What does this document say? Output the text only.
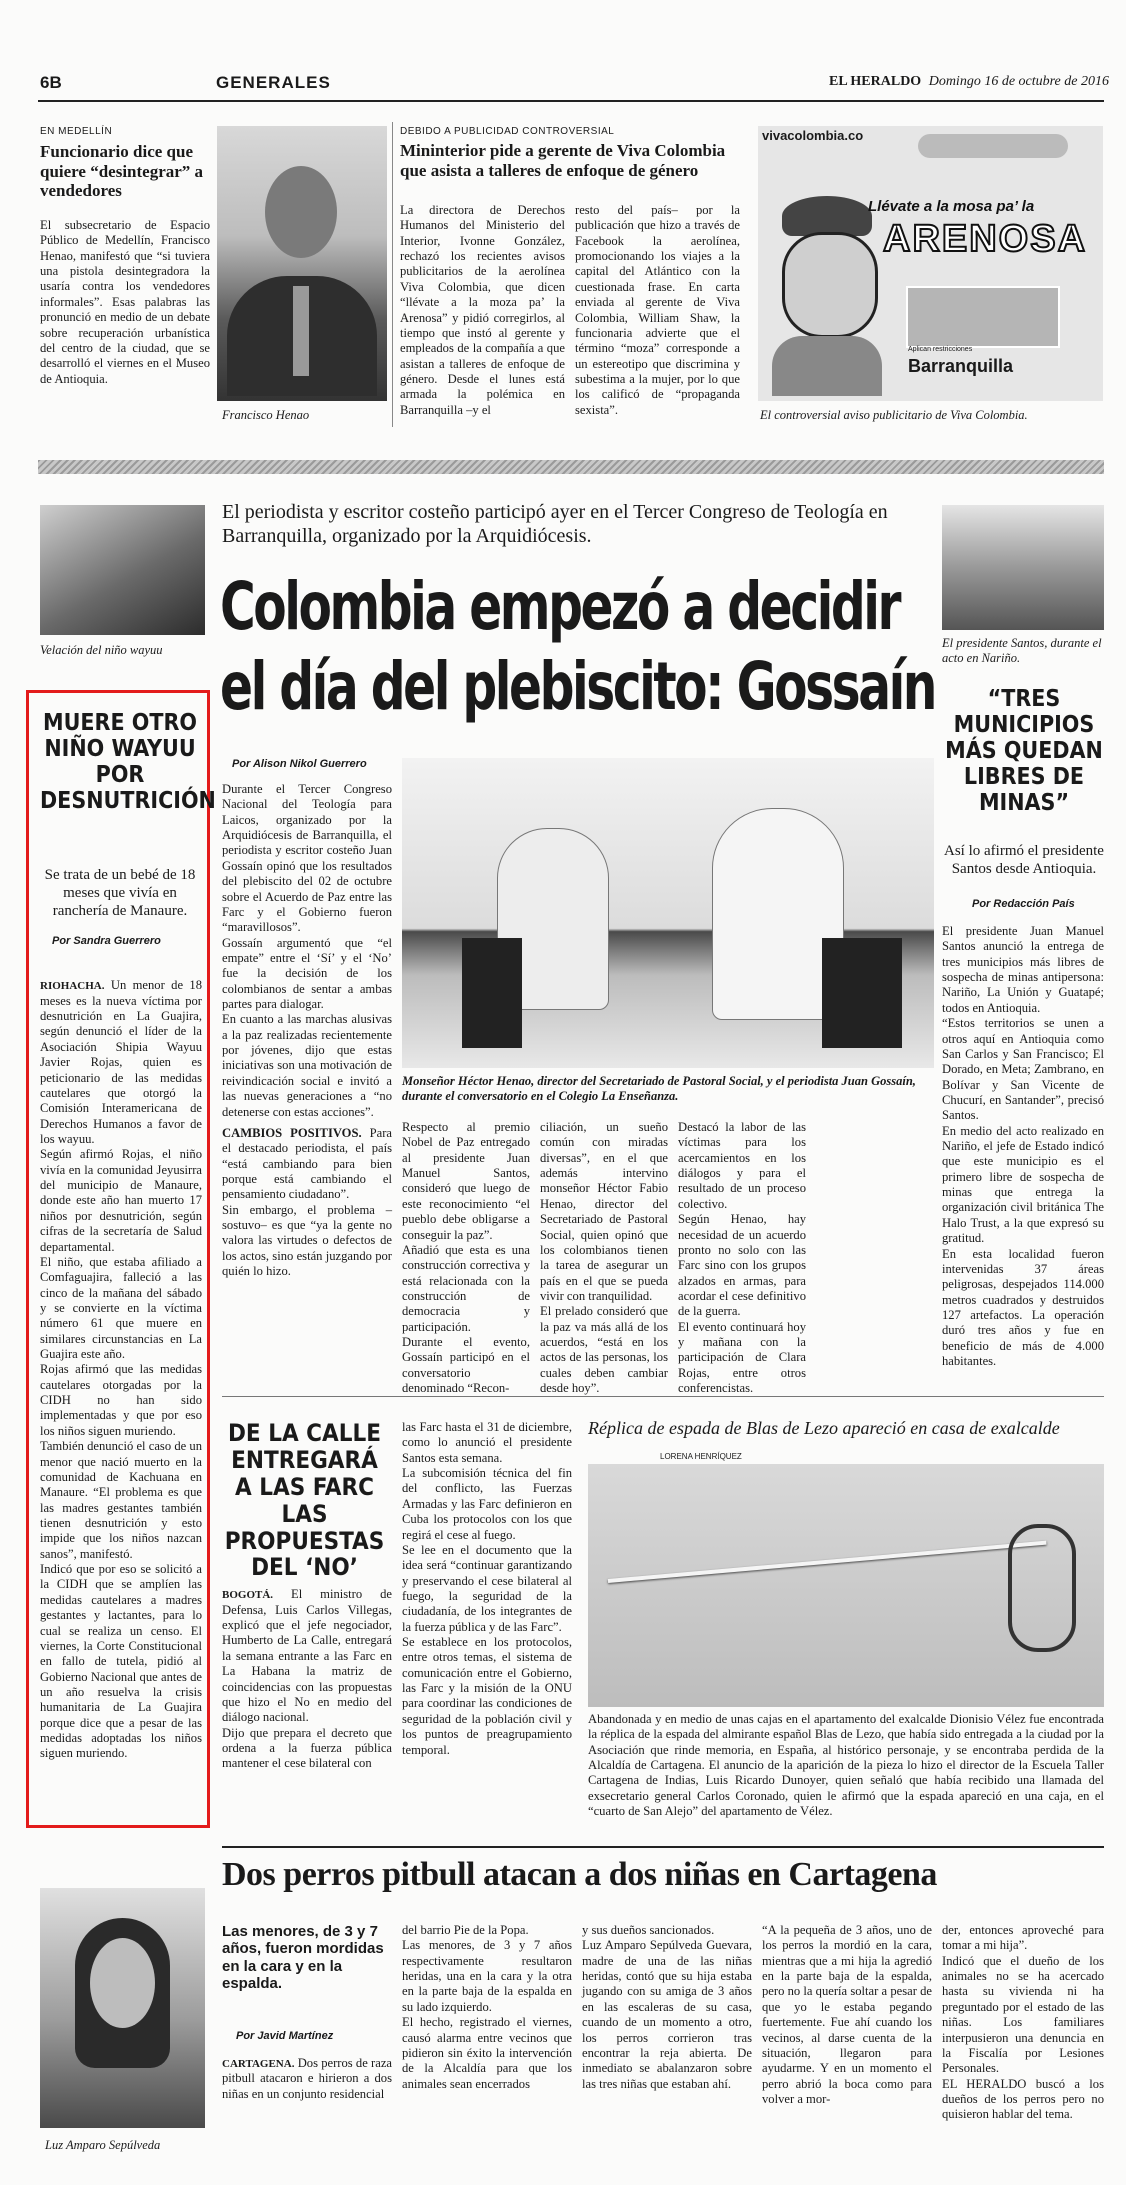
6B	GENERALES	EL HERALDO Domingo 16 de octubre de 2016
EN MEDELLÍN
Funcionario dice que quiere “desintegrar” a vendedores
El subsecretario de Espacio Público de Medellín, Francisco Henao, manifestó que “si tuviera una pistola desintegradora la usaría contra los vendedores informales”. Esas palabras las pronunció en medio de un debate sobre recuperación urbanística del centro de la ciudad, que se desarrolló el viernes en el Museo de Antioquia.
Francisco Henao
DEBIDO A PUBLICIDAD CONTROVERSIAL
Mininterior pide a gerente de Viva Colombia que asista a talleres de enfoque de género
La directora de Derechos Humanos del Ministerio del Interior, Ivonne González, rechazó los recientes avisos publicitarios de la aerolínea Viva Colombia, que dicen “llévate a la moza pa’ la Arenosa” y pidió corregirlos, al tiempo que instó al gerente y empleados de la compañía a que asistan a talleres de enfoque de género. Desde el lunes está armada la polémica en Barranquilla –y el
resto del país– por la publicación que hizo a través de Facebook la aerolínea, promocionando los viajes a la capital del Atlántico con la cuestionada frase. En carta enviada al gerente de Viva Colombia, William Shaw, la funcionaria advierte que el término “moza” corresponde a un estereotipo que discrimina y subestima a la mujer, por lo que los calificó de “propaganda sexista”.
vivacolombia.co
Llévate a la mosa pa’ la
ARENOSA
Aplican restricciones
Barranquilla
El controversial aviso publicitario de Viva Colombia.
Velación del niño wayuu	El presidente Santos, durante el acto en Nariño.
El periodista y escritor costeño participó ayer en el Tercer Congreso de Teología en Barranquilla, organizado por la Arquidiócesis.
Colombia empezó a decidir
el día del plebiscito: Gossaín
Por Alison Nikol Guerrero
Durante el Tercer Congreso Nacional del Teología para Laicos, organizado por la Arquidiócesis de Barranquilla, el periodista y escritor costeño Juan Gossaín opinó que los resultados del plebiscito del 02 de octubre sobre el Acuerdo de Paz entre las Farc y el Gobierno fueron “maravillosos”.
Gossaín argumentó que “el empate” entre el ‘Sí’ y el ‘No’ fue la decisión de los colombianos de sentar a ambas partes para dialogar.
En cuanto a las marchas alusivas a la paz realizadas recientemente por jóvenes, dijo que estas iniciativas son una motivación de reivindicación social e invitó a las nuevas generaciones a “no detenerse con estas acciones”.
CAMBIOS POSITIVOS. Para el destacado periodista, el país “está cambiando para bien porque está cambiando el pensamiento ciudadano”.
Sin embargo, el problema –sostuvo– es que “ya la gente no valora las virtudes o defectos de los actos, sino están juzgando por quién lo hizo.
Monseñor Héctor Henao, director del Secretariado de Pastoral Social, y el periodista Juan Gossaín, durante el conversatorio en el Colegio La Enseñanza.
Respecto al premio Nobel de Paz entregado al presidente Juan Manuel Santos, consideró que luego de este reconocimiento “el pueblo debe obligarse a conseguir la paz”.
Añadió que esta es una construcción correctiva y está relacionada con la construcción de democracia y participación.
Durante el evento, Gossaín participó en el conversatorio denominado “Recon-
ciliación, un sueño común con miradas diversas”, en el que además intervino monseñor Héctor Fabio Henao, director del Secretariado de Pastoral Social, quien opinó que los colombianos tienen la tarea de asegurar un país en el que se pueda vivir con tranquilidad.
El prelado consideró que la paz va más allá de los acuerdos, “está en los actos de las personas, los cuales deben cambiar desde hoy”.
Destacó la labor de las víctimas para los acercamientos en los diálogos y para el resultado de un proceso colectivo.
Según Henao, hay necesidad de un acuerdo pronto no solo con las Farc sino con los grupos alzados en armas, para acordar el cese definitivo de la guerra.
El evento continuará hoy y mañana con la participación de Clara Rojas, entre otros conferencistas.
MUERE OTRO NIÑO WAYUU POR DESNUTRICIÓN
Se trata de un bebé de 18 meses que vivía en ranchería de Manaure.
Por Sandra Guerrero

RIOHACHA. Un menor de 18 meses es la nueva víctima por desnutrición en La Guajira, según denunció el líder de la Asociación Shipia Wayuu Javier Rojas, quien es peticionario de las medidas cautelares que otorgó la Comisión Interamericana de Derechos Humanos a favor de los wayuu.
Según afirmó Rojas, el niño vivía en la comunidad Jeyusirra del municipio de Manaure, donde este año han muerto 17 niños por desnutrición, según cifras de la secretaría de Salud departamental.
El niño, que estaba afiliado a Comfaguajira, falleció a las cinco de la mañana del sábado y se convierte en la víctima número 61 que muere en similares circunstancias en La Guajira este año.
Rojas afirmó que las medidas cautelares otorgadas por la CIDH no han sido implementadas y que por eso los niños siguen muriendo.
También denunció el caso de un menor que nació muerto en la comunidad de Kachuana en Manaure. “El problema es que las madres gestantes también tienen desnutrición y esto impide que los niños nazcan sanos”, manifestó.
Indicó que por eso se solicitó a la CIDH que se amplíen las medidas cautelares a madres gestantes y lactantes, para lo cual se realiza un censo. El viernes, la Corte Constitucional en fallo de tutela, pidió al Gobierno Nacional que antes de un año resuelva la crisis humanitaria de La Guajira porque dice que a pesar de las medidas adoptadas los niños siguen muriendo.

“TRES MUNICIPIOS MÁS QUEDAN LIBRES DE MINAS”
Así lo afirmó el presidente Santos desde Antioquia.
Por Redacción País
El presidente Juan Manuel Santos anunció la entrega de tres municipios más libres de sospecha de minas antipersona: Nariño, La Unión y Guatapé; todos en Antioquia.
“Estos territorios se unen a otros aquí en Antioquia como San Carlos y San Francisco; El Dorado, en Meta; Zambrano, en Bolívar y San Vicente de Chucurí, en Santander”, precisó Santos.
En medio del acto realizado en Nariño, el jefe de Estado indicó que este municipio es el primero libre de sospecha de minas que entrega la organización civil británica The Halo Trust, a la que expresó su gratitud.
En esta localidad fueron intervenidas 37 áreas peligrosas, despejados 114.000 metros cuadrados y destruidos 127 artefactos. La operación duró tres años y fue en beneficio de más de 4.000 habitantes.
DE LA CALLE ENTREGARÁ A LAS FARC LAS PROPUESTAS DEL ‘NO’

BOGOTÁ. El ministro de Defensa, Luis Carlos Villegas, explicó que el jefe negociador, Humberto de La Calle, entregará la semana entrante a las Farc en La Habana la matriz de coincidencias con las propuestas que hizo el No en medio del diálogo nacional.
Dijo que prepara el decreto que ordena a la fuerza pública mantener el cese bilateral con

las Farc hasta el 31 de diciembre, como lo anunció el presidente Santos esta semana.
La subcomisión técnica del fin del conflicto, las Fuerzas Armadas y las Farc definieron en Cuba los protocolos con los que regirá el cese al fuego.
Se lee en el documento que la idea será “continuar garantizando y preservando el cese bilateral al fuego, la seguridad de la ciudadanía, de los integrantes de la fuerza pública y de las Farc”.
Se establece en los protocolos, entre otros temas, el sistema de comunicación entre el Gobierno, las Farc y la misión de la ONU para coordinar las condiciones de seguridad de la población civil y los puntos de preagrupamiento temporal.
Réplica de espada de Blas de Lezo apareció en casa de exalcalde
LORENA HENRÍQUEZ
Abandonada y en medio de unas cajas en el apartamento del exalcalde Dionisio Vélez fue encontrada la réplica de la espada del almirante español Blas de Lezo, que había sido entregada a la ciudad por la Asociación que rinde memoria, en España, al histórico personaje, y se encontraba perdida de la Alcaldía de Cartagena. El anuncio de la aparición de la pieza lo hizo el director de la Escuela Taller Cartagena de Indias, Luis Ricardo Dunoyer, quien señaló que había recibido una llamada del exsecretario general Carlos Coronado, quien le afirmó que la espada apareció en una caja, en el “cuarto de San Alejo” del apartamento de Vélez.
Luz Amparo Sepúlveda
Dos perros pitbull atacan a dos niñas en Cartagena
Las menores, de 3 y 7 años, fueron mordidas en la cara y en la espalda.
Por Javid Martínez
CARTAGENA. Dos perros de raza pitbull atacaron e hirieron a dos niñas en un conjunto residencial
del barrio Pie de la Popa.
Las menores, de 3 y 7 años respectivamente resultaron heridas, una en la cara y la otra en la parte baja de la espalda en su lado izquierdo.
El hecho, registrado el viernes, causó alarma entre vecinos que pidieron sin éxito la intervención de la Alcaldía para que los animales sean encerrados
y sus dueños sancionados.
Luz Amparo Sepúlveda Guevara, madre de una de las niñas heridas, contó que su hija estaba jugando con su amiga de 3 años en las escaleras de su casa, cuando de un momento a otro, los perros corrieron tras encontrar la reja abierta. De inmediato se abalanzaron sobre las tres niñas que estaban ahí.
“A la pequeña de 3 años, uno de los perros la mordió en la cara, mientras que a mi hija la agredió en la parte baja de la espalda, pero no la quería soltar a pesar de que yo le estaba pegando fuertemente. Fue ahí cuando los vecinos, al darse cuenta de la situación, llegaron para ayudarme. Y en un momento el perro abrió la boca como para volver a mor-
der, entonces aproveché para tomar a mi hija”.
Indicó que el dueño de los animales no se ha acercado hasta su vivienda ni ha preguntado por el estado de las niñas. Los familiares interpusieron una denuncia en la Fiscalía por Lesiones Personales.
EL HERALDO buscó a los dueños de los perros pero no quisieron hablar del tema.
